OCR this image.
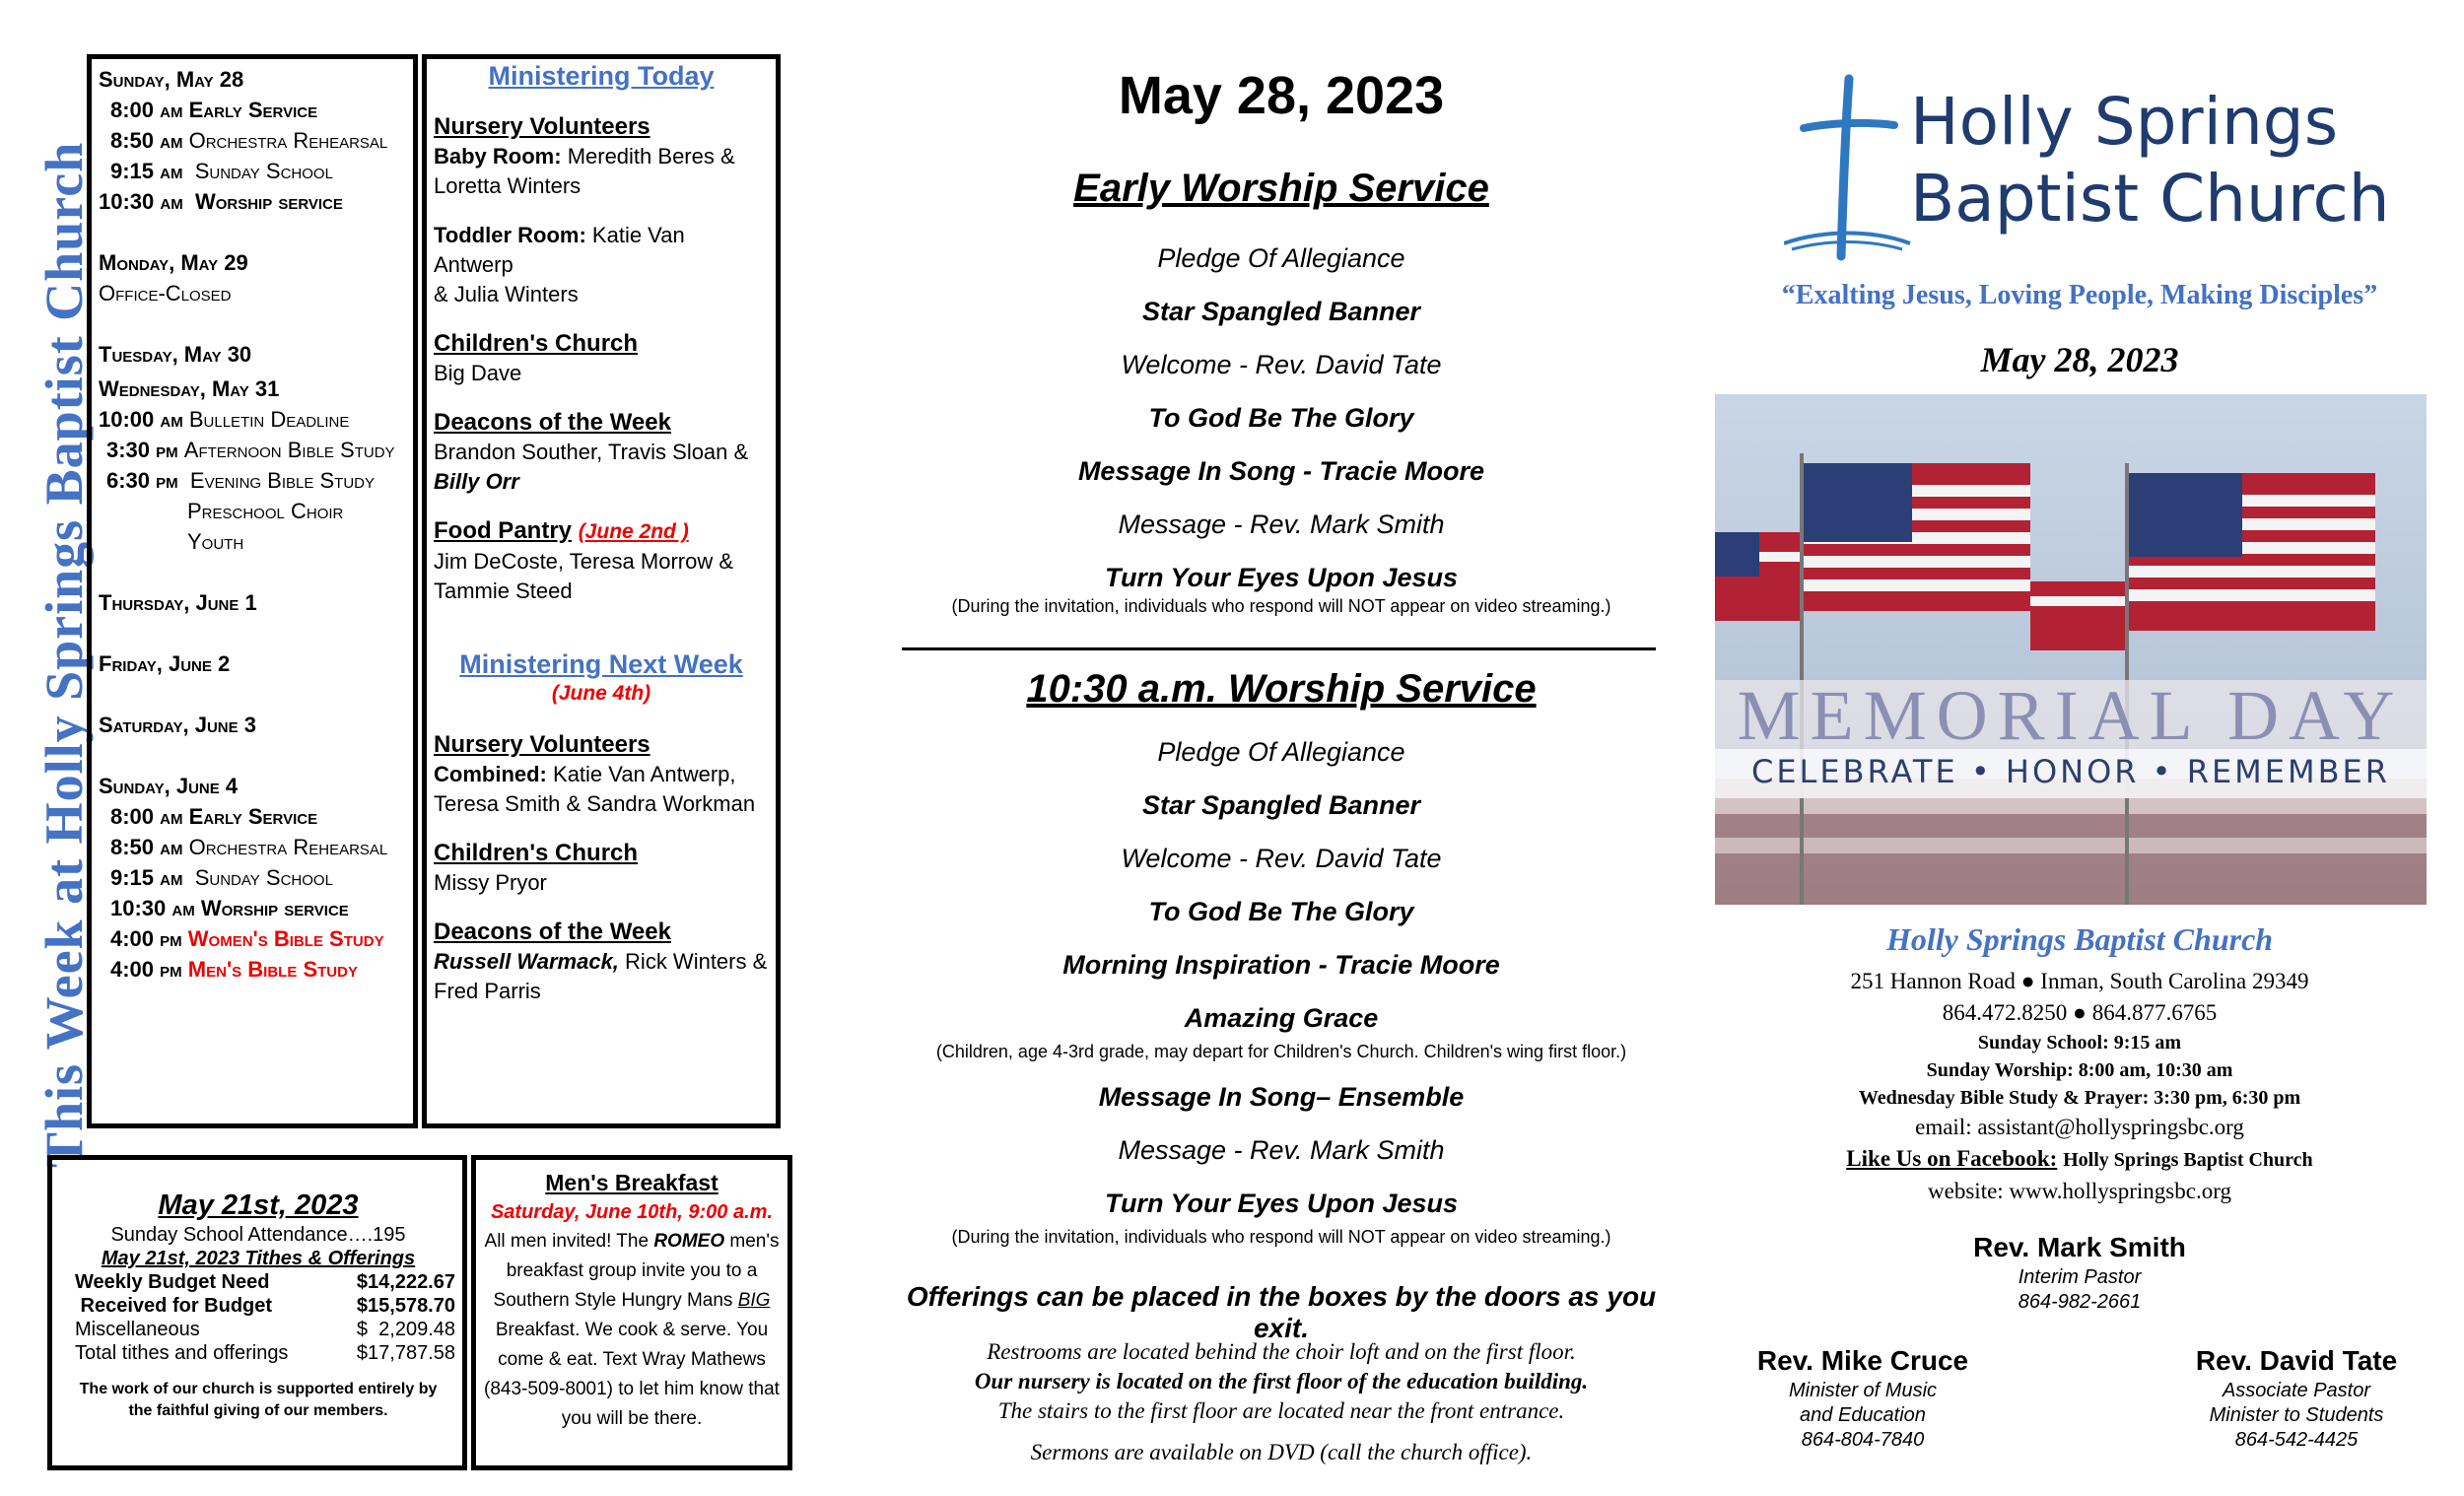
This Week at Holly Springs Baptist Church
Sunday, May 28
8:00 am Early Service
8:50 am Orchestra Rehearsal
9:15 am Sunday School
10:30 am Worship service
Monday, May 29
Office-Closed
Tuesday, May 30
Wednesday, May 31
10:00 am Bulletin Deadline
3:30 pm Afternoon Bible Study
6:30 pm Evening Bible Study
Preschool Choir
Youth
Thursday, June 1
Friday, June 2
Saturday, June 3
Sunday, June 4
8:00 am Early Service
8:50 am Orchestra Rehearsal
9:15 am Sunday School
10:30 am Worship service
4:00 pm Women's Bible Study
4:00 pm Men's Bible Study
Ministering Today
Nursery Volunteers
Baby Room: Meredith Beres &
Loretta Winters
Toddler Room: Katie Van Antwerp
& Julia Winters
Children's Church
Big Dave
Deacons of the Week
Brandon Souther, Travis Sloan &
Billy Orr
Food Pantry (June 2nd )
Jim DeCoste, Teresa Morrow &
Tammie Steed
Ministering Next Week
(June 4th)
Nursery Volunteers
Combined: Katie Van Antwerp,
Teresa Smith & Sandra Workman
Children's Church
Missy Pryor
Deacons of the Week
Russell Warmack, Rick Winters &
Fred Parris
May 21st, 2023
Sunday School Attendance….195
May 21st, 2023 Tithes & Offerings
Weekly Budget Need	$14,222.67
Received for Budget	$15,578.70
Miscellaneous	$  2,209.48
Total tithes and offerings	$17,787.58
The work of our church is supported entirely by the faithful giving of our members.
Men's Breakfast
Saturday, June 10th, 9:00 a.m.
All men invited! The ROMEO men's
breakfast group invite you to a
Southern Style Hungry Mans BIG
Breakfast. We cook & serve. You
come & eat. Text Wray Mathews
(843-509-8001) to let him know that
you will be there.
May 28, 2023
Early Worship Service
Pledge Of Allegiance
Star Spangled Banner
Welcome - Rev. David Tate
To God Be The Glory
Message In Song - Tracie Moore
Message - Rev. Mark Smith
Turn Your Eyes Upon Jesus
(During the invitation, individuals who respond will NOT appear on video streaming.)
10:30 a.m. Worship Service
Pledge Of Allegiance
Star Spangled Banner
Welcome - Rev. David Tate
To God Be The Glory
Morning Inspiration - Tracie Moore
Amazing Grace
(Children, age 4-3rd grade, may depart for Children's Church. Children's wing first floor.)
Message In Song– Ensemble
Message - Rev. Mark Smith
Turn Your Eyes Upon Jesus
(During the invitation, individuals who respond will NOT appear on video streaming.)
Offerings can be placed in the boxes by the doors as you exit.
Restrooms are located behind the choir loft and on the first floor.
Our nursery is located on the first floor of the education building.
The stairs to the first floor are located near the front entrance.
Sermons are available on DVD (call the church office).
Holly Springs
Baptist Church
“Exalting Jesus, Loving People, Making Disciples”
May 28, 2023
MEMORIAL DAY
CELEBRATE • HONOR • REMEMBER
Holly Springs Baptist Church
251 Hannon Road ● Inman, South Carolina 29349
864.472.8250 ● 864.877.6765
Sunday School: 9:15 am
Sunday Worship: 8:00 am, 10:30 am
Wednesday Bible Study & Prayer: 3:30 pm, 6:30 pm
email: assistant@hollyspringsbc.org
Like Us on Facebook: Holly Springs Baptist Church
website: www.hollyspringsbc.org
Rev. Mark Smith
Interim Pastor
864-982-2661
Rev. Mike Cruce
Minister of Music
and Education
864-804-7840
Rev. David Tate
Associate Pastor
Minister to Students
864-542-4425
